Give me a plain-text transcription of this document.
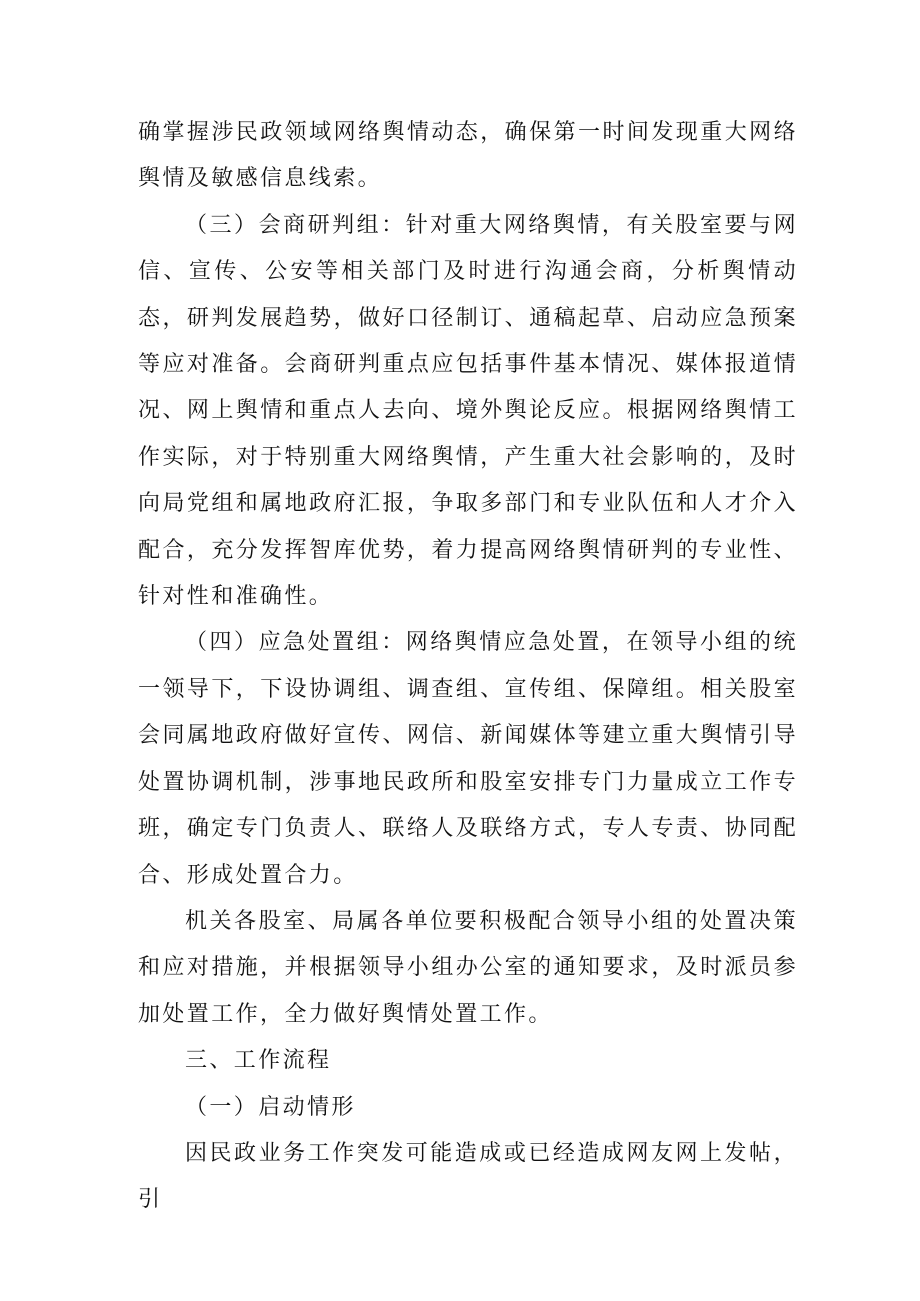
确掌握涉民政领域网络舆情动态，确保第一时间发现重大网络舆情及敏感信息线索。

（三）会商研判组：针对重大网络舆情，有关股室要与网信、宣传、公安等相关部门及时进行沟通会商，分析舆情动态，研判发展趋势，做好口径制订、通稿起草、启动应急预案等应对准备。会商研判重点应包括事件基本情况、媒体报道情况、网上舆情和重点人去向、境外舆论反应。根据网络舆情工作实际，对于特别重大网络舆情，产生重大社会影响的，及时向局党组和属地政府汇报，争取多部门和专业队伍和人才介入配合，充分发挥智库优势，着力提高网络舆情研判的专业性、针对性和准确性。

（四）应急处置组：网络舆情应急处置，在领导小组的统一领导下，下设协调组、调查组、宣传组、保障组。相关股室会同属地政府做好宣传、网信、新闻媒体等建立重大舆情引导处置协调机制，涉事地民政所和股室安排专门力量成立工作专班，确定专门负责人、联络人及联络方式，专人专责、协同配合、形成处置合力。

机关各股室、局属各单位要积极配合领导小组的处置决策和应对措施，并根据领导小组办公室的通知要求，及时派员参加处置工作，全力做好舆情处置工作。

三、工作流程

（一）启动情形

因民政业务工作突发可能造成或已经造成网友网上发帖，引
